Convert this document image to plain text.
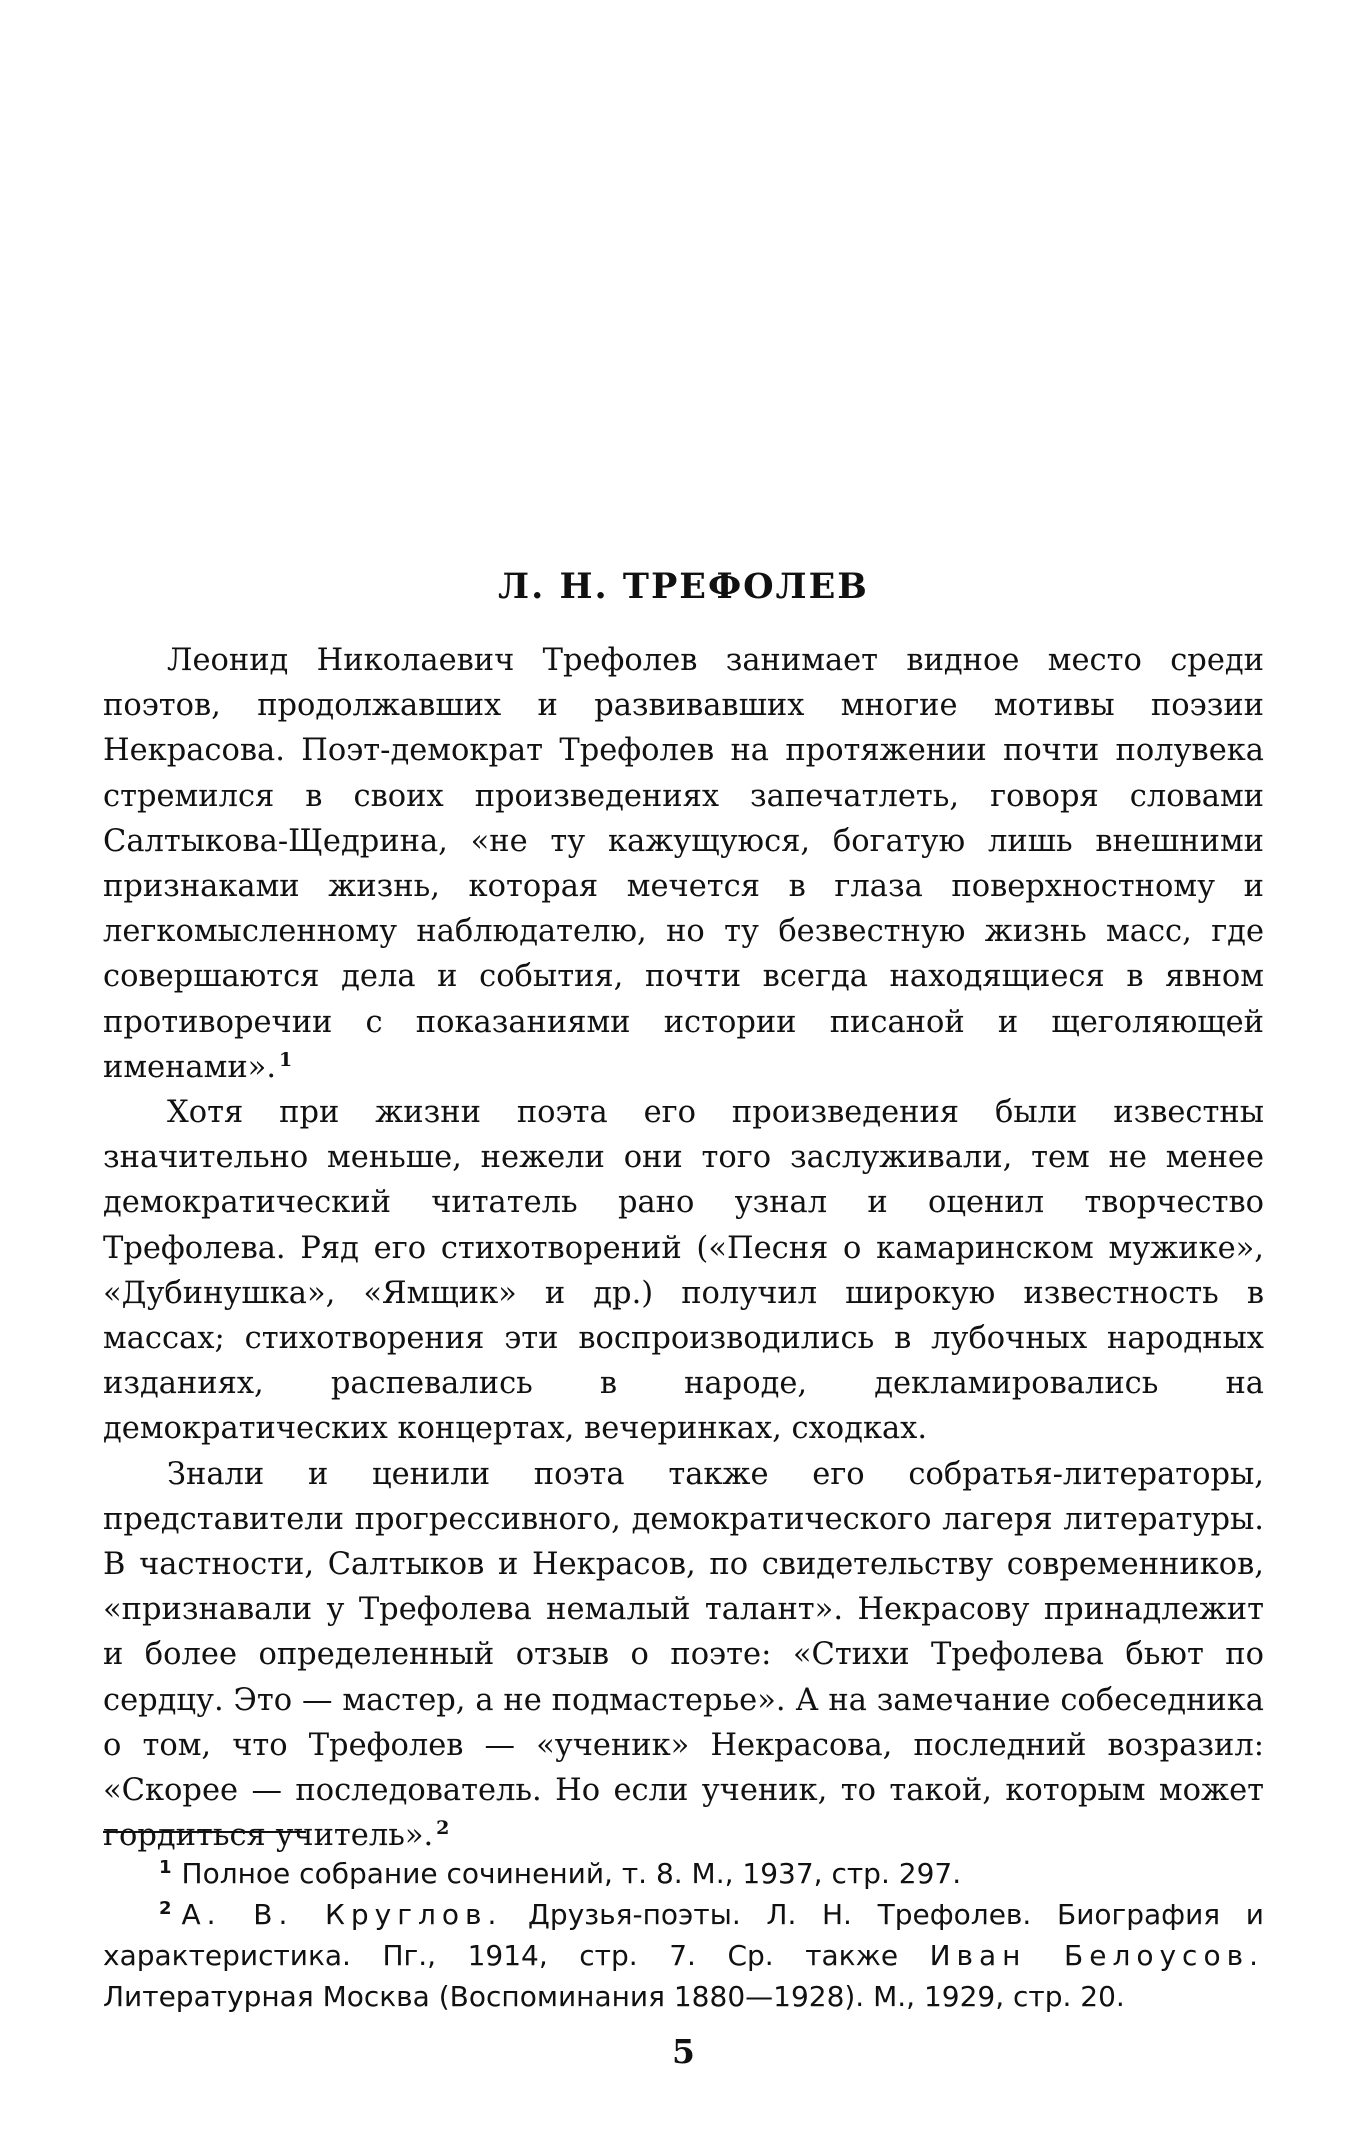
Л. Н. ТРЕФОЛЕВ

Леонид Николаевич Трефолев занимает видное место среди поэтов, продолжавших и развивавших многие мотивы поэзии Некрасова. Поэт-демократ Трефолев на протяжении почти полувека стремился в своих произведениях запечатлеть, говоря словами Салтыкова-Щедрина, «не ту кажущуюся, богатую лишь внешними признаками жизнь, которая мечется в глаза поверхностному и легкомысленному наблюдателю, но ту безвестную жизнь масс, где совершаются дела и события, почти всегда находящиеся в явном противоречии с показаниями истории писаной и щеголяющей именами». $^1$

Хотя при жизни поэта его произведения были известны значительно меньше, нежели они того заслуживали, тем не менее демократический читатель рано узнал и оценил творчество Трефолева. Ряд его стихотворений («Песня о камаринском мужике», «Дубинушка», «Ямщик» и др.) получил широкую известность в массах; стихотворения эти воспроизводились в лубочных народных изданиях, распевались в народе, декламировались на демократических концертах, вечеринках, сходках.

Знали и ценили поэта также его собратья-литераторы, представители прогрессивного, демократического лагеря литературы. В частности, Салтыков и Некрасов, по свидетельству современников, «признавали у Трефолева немалый талант». Некрасову принадлежит и более определенный отзыв о поэте: «Стихи Трефолева бьют по сердцу. Это — мастер, а не подмастерье». А на замечание собеседника о том, что Трефолев — «ученик» Некрасова, последний возразил: «Скорее — последователь. Но если ученик, то такой, которым может гордиться учитель». $^2$

$^1$ Полное собрание сочинений, т. 8. М., 1937, стр. 297.

$^2$ А. В. Круглов. Друзья-поэты. Л. Н. Трефолев. Биография и характеристика. Пг., 1914, стр. 7. Ср. также Иван Белоусов. Литературная Москва (Воспоминания 1880—1928). М., 1929, стр. 20.

5
